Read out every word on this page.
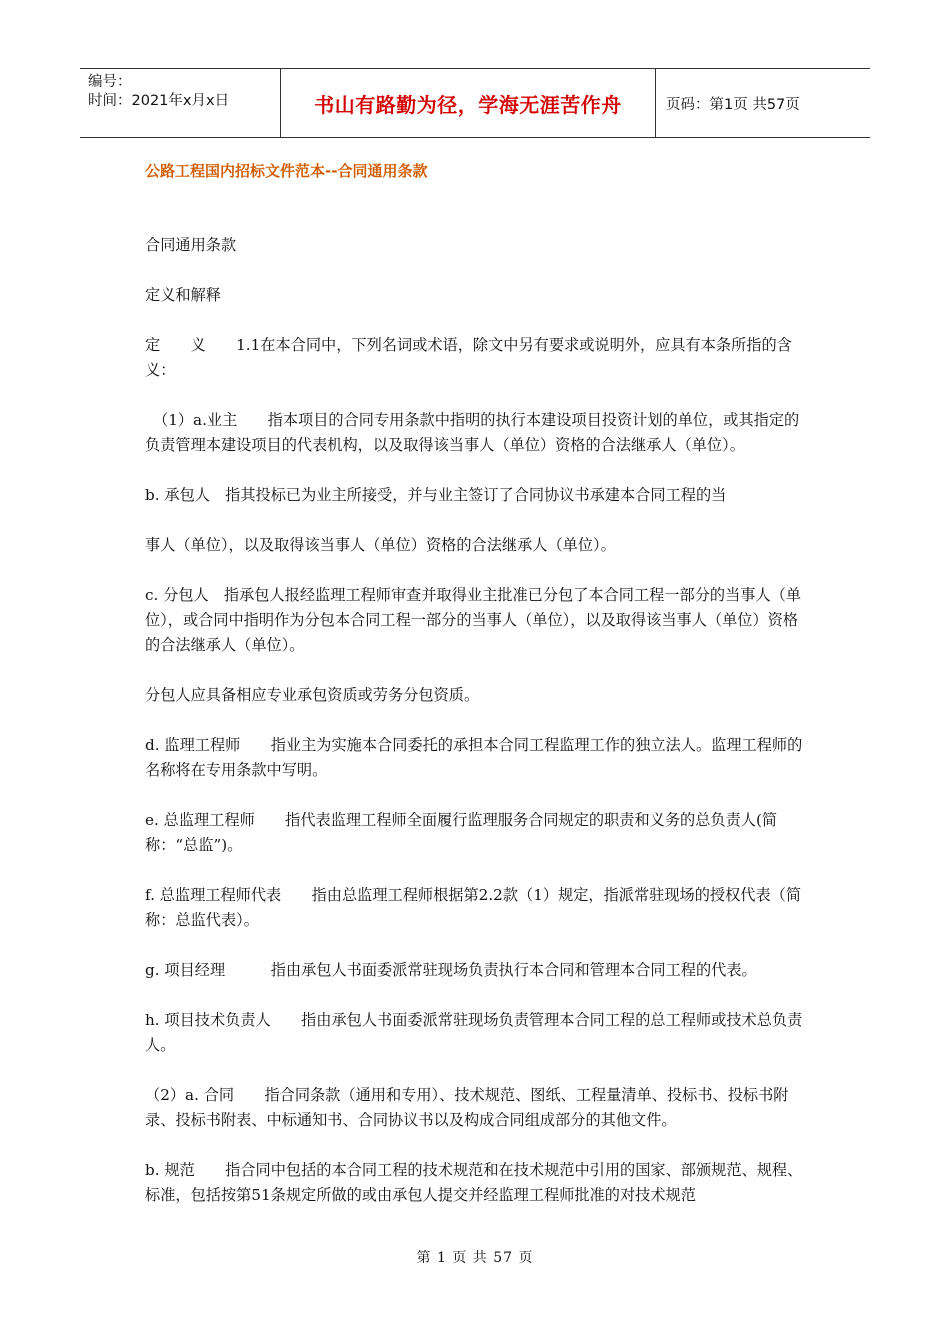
编号：
时间：2021年x月x日	书山有路勤为径，学海无涯苦作舟	页码：第1页 共57页
公路工程国内招标文件范本--合同通用条款

合同通用条款

定义和解释

定　　义　　1.1在本合同中，下列名词或术语，除文中另有要求或说明外，应具有本条所指的含义：

（1）a.业主　　指本项目的合同专用条款中指明的执行本建设项目投资计划的单位，或其指定的负责管理本建设项目的代表机构，以及取得该当事人（单位）资格的合法继承人（单位）。

b. 承包人　指其投标已为业主所接受，并与业主签订了合同协议书承建本合同工程的当

事人（单位），以及取得该当事人（单位）资格的合法继承人（单位）。

c. 分包人　指承包人报经监理工程师审查并取得业主批准已分包了本合同工程一部分的当事人（单位），或合同中指明作为分包本合同工程一部分的当事人（单位），以及取得该当事人（单位）资格的合法继承人（单位）。

分包人应具备相应专业承包资质或劳务分包资质。

d. 监理工程师　　指业主为实施本合同委托的承担本合同工程监理工作的独立法人。监理工程师的名称将在专用条款中写明。

e. 总监理工程师　　指代表监理工程师全面履行监理服务合同规定的职责和义务的总负责人(简称：“总监”)。

f. 总监理工程师代表　　指由总监理工程师根据第2.2款（1）规定，指派常驻现场的授权代表（简称：总监代表）。

g. 项目经理　　　指由承包人书面委派常驻现场负责执行本合同和管理本合同工程的代表。

h. 项目技术负责人　　指由承包人书面委派常驻现场负责管理本合同工程的总工程师或技术总负责人。

（2）a. 合同　　指合同条款（通用和专用）、技术规范、图纸、工程量清单、投标书、投标书附录、投标书附表、中标通知书、合同协议书以及构成合同组成部分的其他文件。

b. 规范　　指合同中包括的本合同工程的技术规范和在技术规范中引用的国家、部颁规范、规程、标准，包括按第51条规定所做的或由承包人提交并经监理工程师批准的对技术规范

第 1 页 共 57 页
